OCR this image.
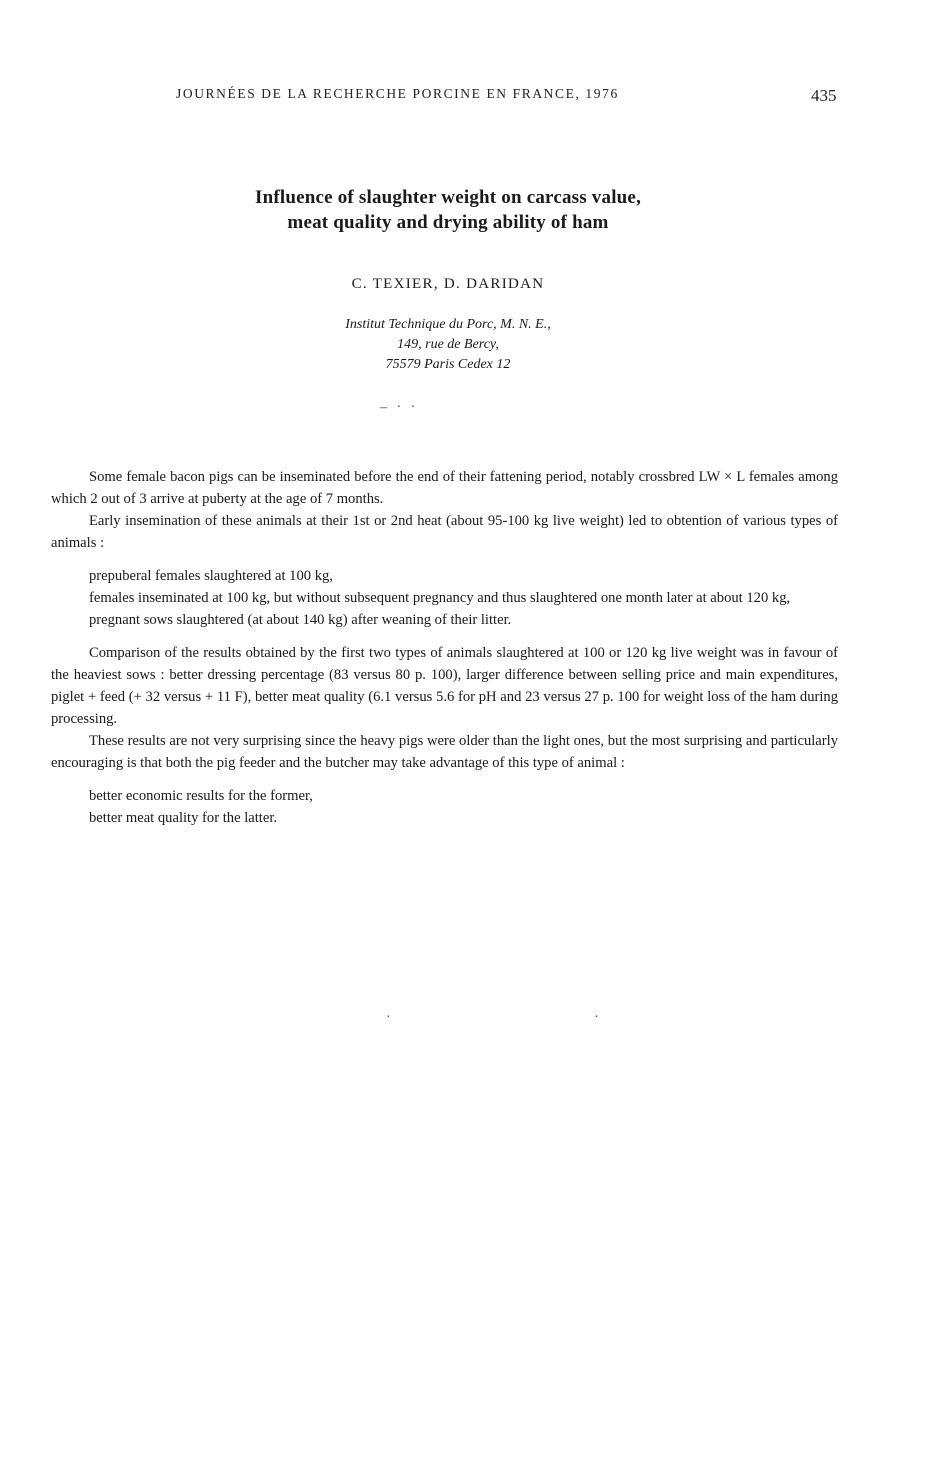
JOURNÉES DE LA RECHERCHE PORCINE EN FRANCE, 1976	435
Influence of slaughter weight on carcass value,
meat quality and drying ability of ham
C. TEXIER, D. DARIDAN
Institut Technique du Porc, M. N. E.,
149, rue de Bercy,
75579 Paris Cedex 12
– · ·

Some female bacon pigs can be inseminated before the end of their fattening period, notably crossbred LW × L females among which 2 out of 3 arrive at puberty at the age of 7 months.

Early insemination of these animals at their 1st or 2nd heat (about 95-100 kg live weight) led to obtention of various types of animals :

prepuberal females slaughtered at 100 kg,

females inseminated at 100 kg, but without subsequent pregnancy and thus slaughtered one month later at about 120 kg,

pregnant sows slaughtered (at about 140 kg) after weaning of their litter.

Comparison of the results obtained by the first two types of animals slaughtered at 100 or 120 kg live weight was in favour of the heaviest sows : better dressing percentage (83 versus 80 p. 100), larger difference between selling price and main expenditures, piglet + feed (+ 32 versus + 11 F), better meat quality (6.1 versus 5.6 for pH and 23 versus 27 p. 100 for weight loss of the ham during processing.

These results are not very surprising since the heavy pigs were older than the light ones, but the most surprising and particularly encouraging is that both the pig feeder and the butcher may take advantage of this type of animal :

better economic results for the former,

better meat quality for the latter.

· ·
